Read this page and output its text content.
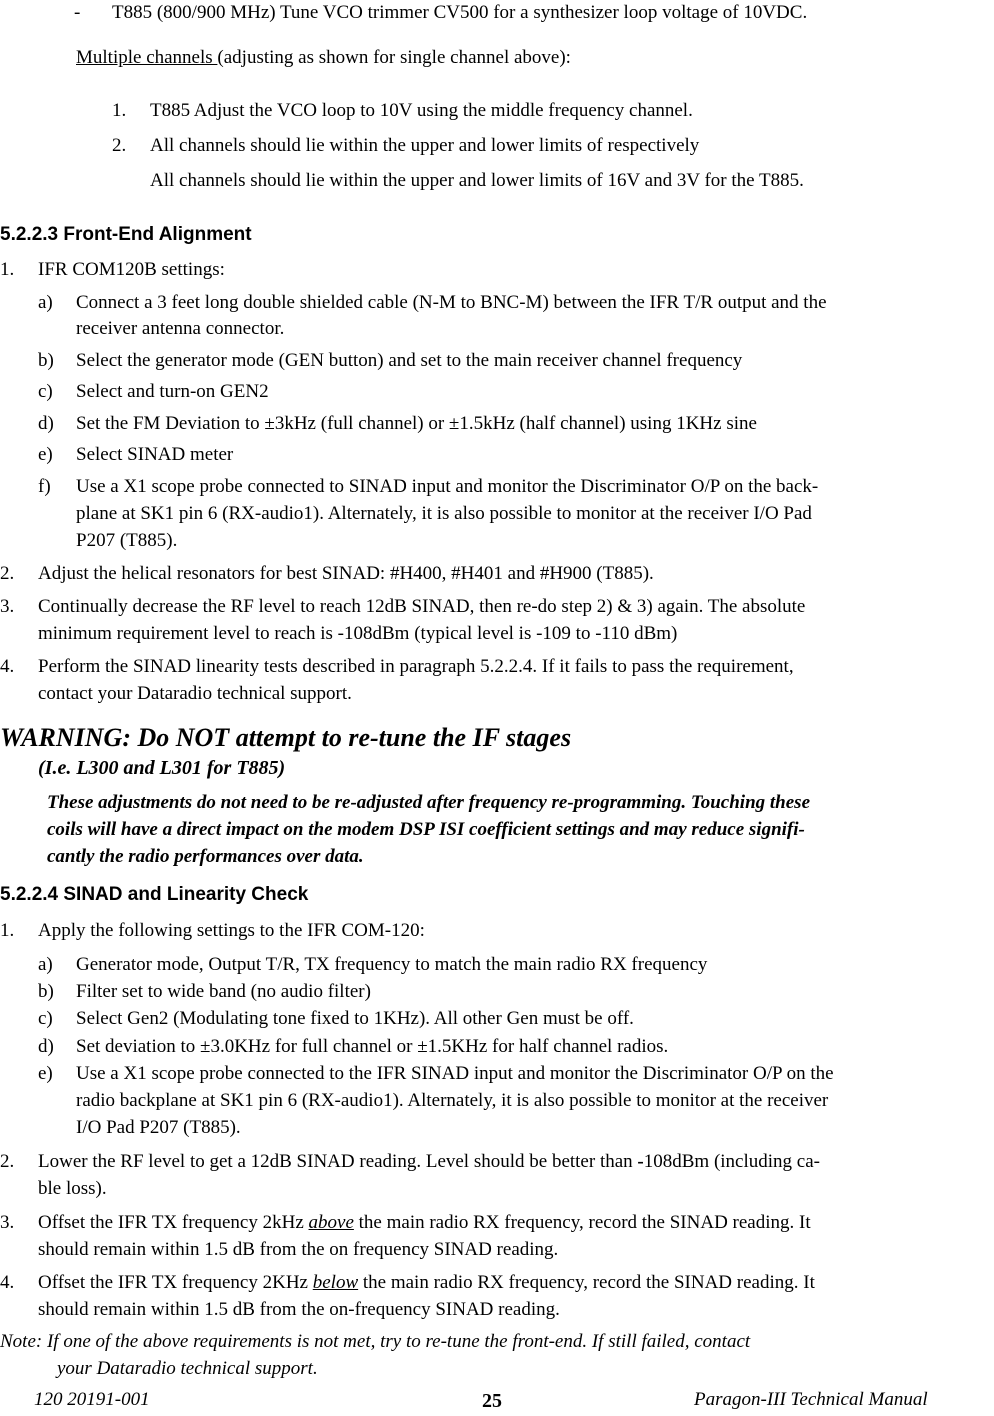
- T885 (800/900 MHz) Tune VCO trimmer CV500 for a synthesizer loop voltage of 10VDC.
Multiple channels (adjusting as shown for single channel above):
1. T885 Adjust the VCO loop to 10V using the middle frequency channel.
2. All channels should lie within the upper and lower limits of respectively
All channels should lie within the upper and lower limits of 16V and 3V for the T885.
5.2.2.3 Front-End Alignment
1. IFR COM120B settings:
a) Connect a 3 feet long double shielded cable (N-M to BNC-M) between the IFR T/R output and the
receiver antenna connector.
b) Select the generator mode (GEN button) and set to the main receiver channel frequency
c) Select and turn-on GEN2
d) Set the FM Deviation to ±3kHz (full channel) or ±1.5kHz (half channel) using 1KHz sine
e) Select SINAD meter
f) Use a X1 scope probe connected to SINAD input and monitor the Discriminator O/P on the back-
plane at SK1 pin 6 (RX-audio1). Alternately, it is also possible to monitor at the receiver I/O Pad
P207 (T885).
2. Adjust the helical resonators for best SINAD: #H400, #H401 and #H900 (T885).
3. Continually decrease the RF level to reach 12dB SINAD, then re-do step 2) & 3) again. The absolute
minimum requirement level to reach is -108dBm (typical level is -109 to -110 dBm)
4. Perform the SINAD linearity tests described in paragraph 5.2.2.4. If it fails to pass the requirement,
contact your Dataradio technical support.
WARNING: Do NOT attempt to re-tune the IF stages
(I.e. L300 and L301 for T885)
These adjustments do not need to be re-adjusted after frequency re-programming. Touching these
coils will have a direct impact on the modem DSP ISI coefficient settings and may reduce signifi-
cantly the radio performances over data.
5.2.2.4 SINAD and Linearity Check
1. Apply the following settings to the IFR COM-120:
a) Generator mode, Output T/R, TX frequency to match the main radio RX frequency
b) Filter set to wide band (no audio filter)
c) Select Gen2 (Modulating tone fixed to 1KHz). All other Gen must be off.
d) Set deviation to ±3.0KHz for full channel or ±1.5KHz for half channel radios.
e) Use a X1 scope probe connected to the IFR SINAD input and monitor the Discriminator O/P on the
radio backplane at SK1 pin 6 (RX-audio1). Alternately, it is also possible to monitor at the receiver
I/O Pad P207 (T885).
2. Lower the RF level to get a 12dB SINAD reading. Level should be better than -108dBm (including ca-
ble loss).
3. Offset the IFR TX frequency 2kHz above the main radio RX frequency, record the SINAD reading. It
should remain within 1.5 dB from the on frequency SINAD reading.
4. Offset the IFR TX frequency 2KHz below the main radio RX frequency, record the SINAD reading. It
should remain within 1.5 dB from the on-frequency SINAD reading.
Note: If one of the above requirements is not met, try to re-tune the front-end. If still failed, contact
your Dataradio technical support.
120 20191-001	25	Paragon-III Technical Manual
